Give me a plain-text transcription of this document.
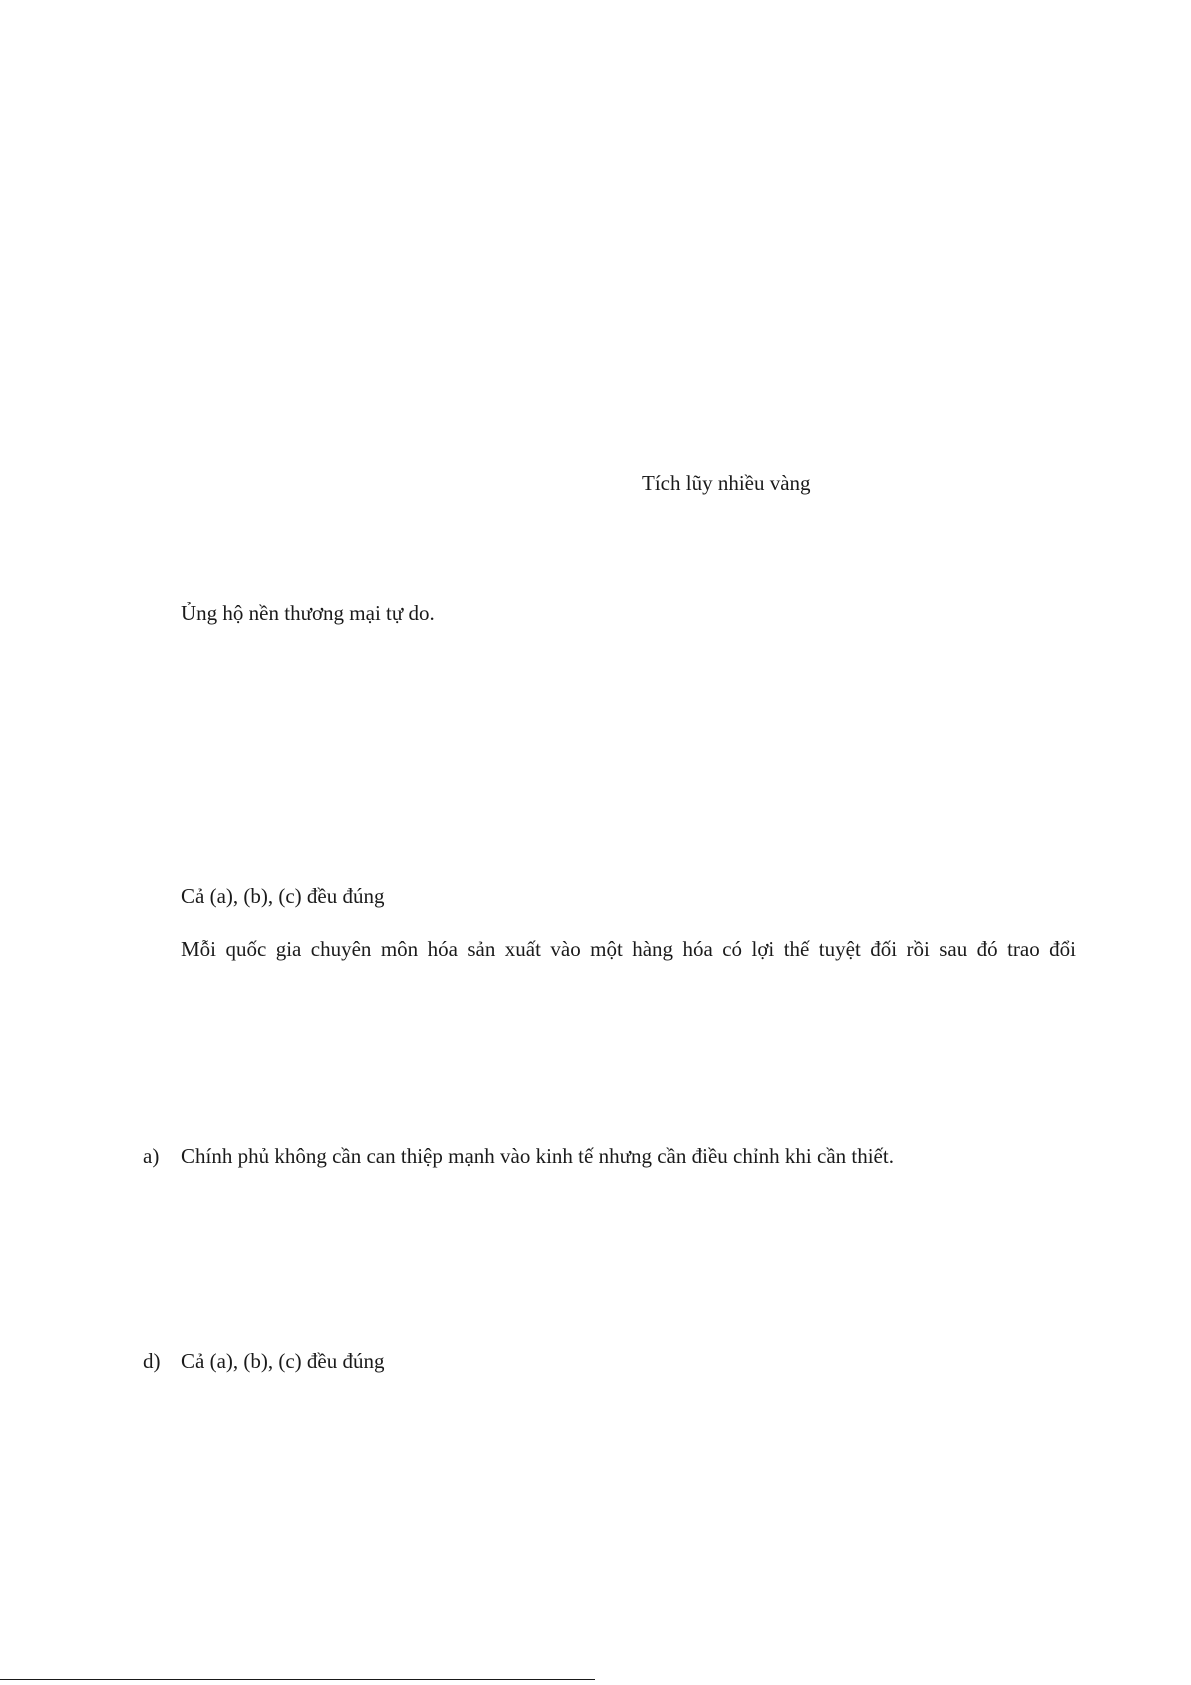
Tích lũy nhiều vàng
Ủng hộ nền thương mại tự do.
Cả (a), (b), (c) đều đúng
Mỗi quốc gia chuyên môn hóa sản xuất vào một hàng hóa có lợi thế tuyệt đối rồi sau đó trao đổi
a) Chính phủ không cần can thiệp mạnh vào kinh tế nhưng cần điều chỉnh khi cần thiết.
d) Cả (a), (b), (c) đều đúng
